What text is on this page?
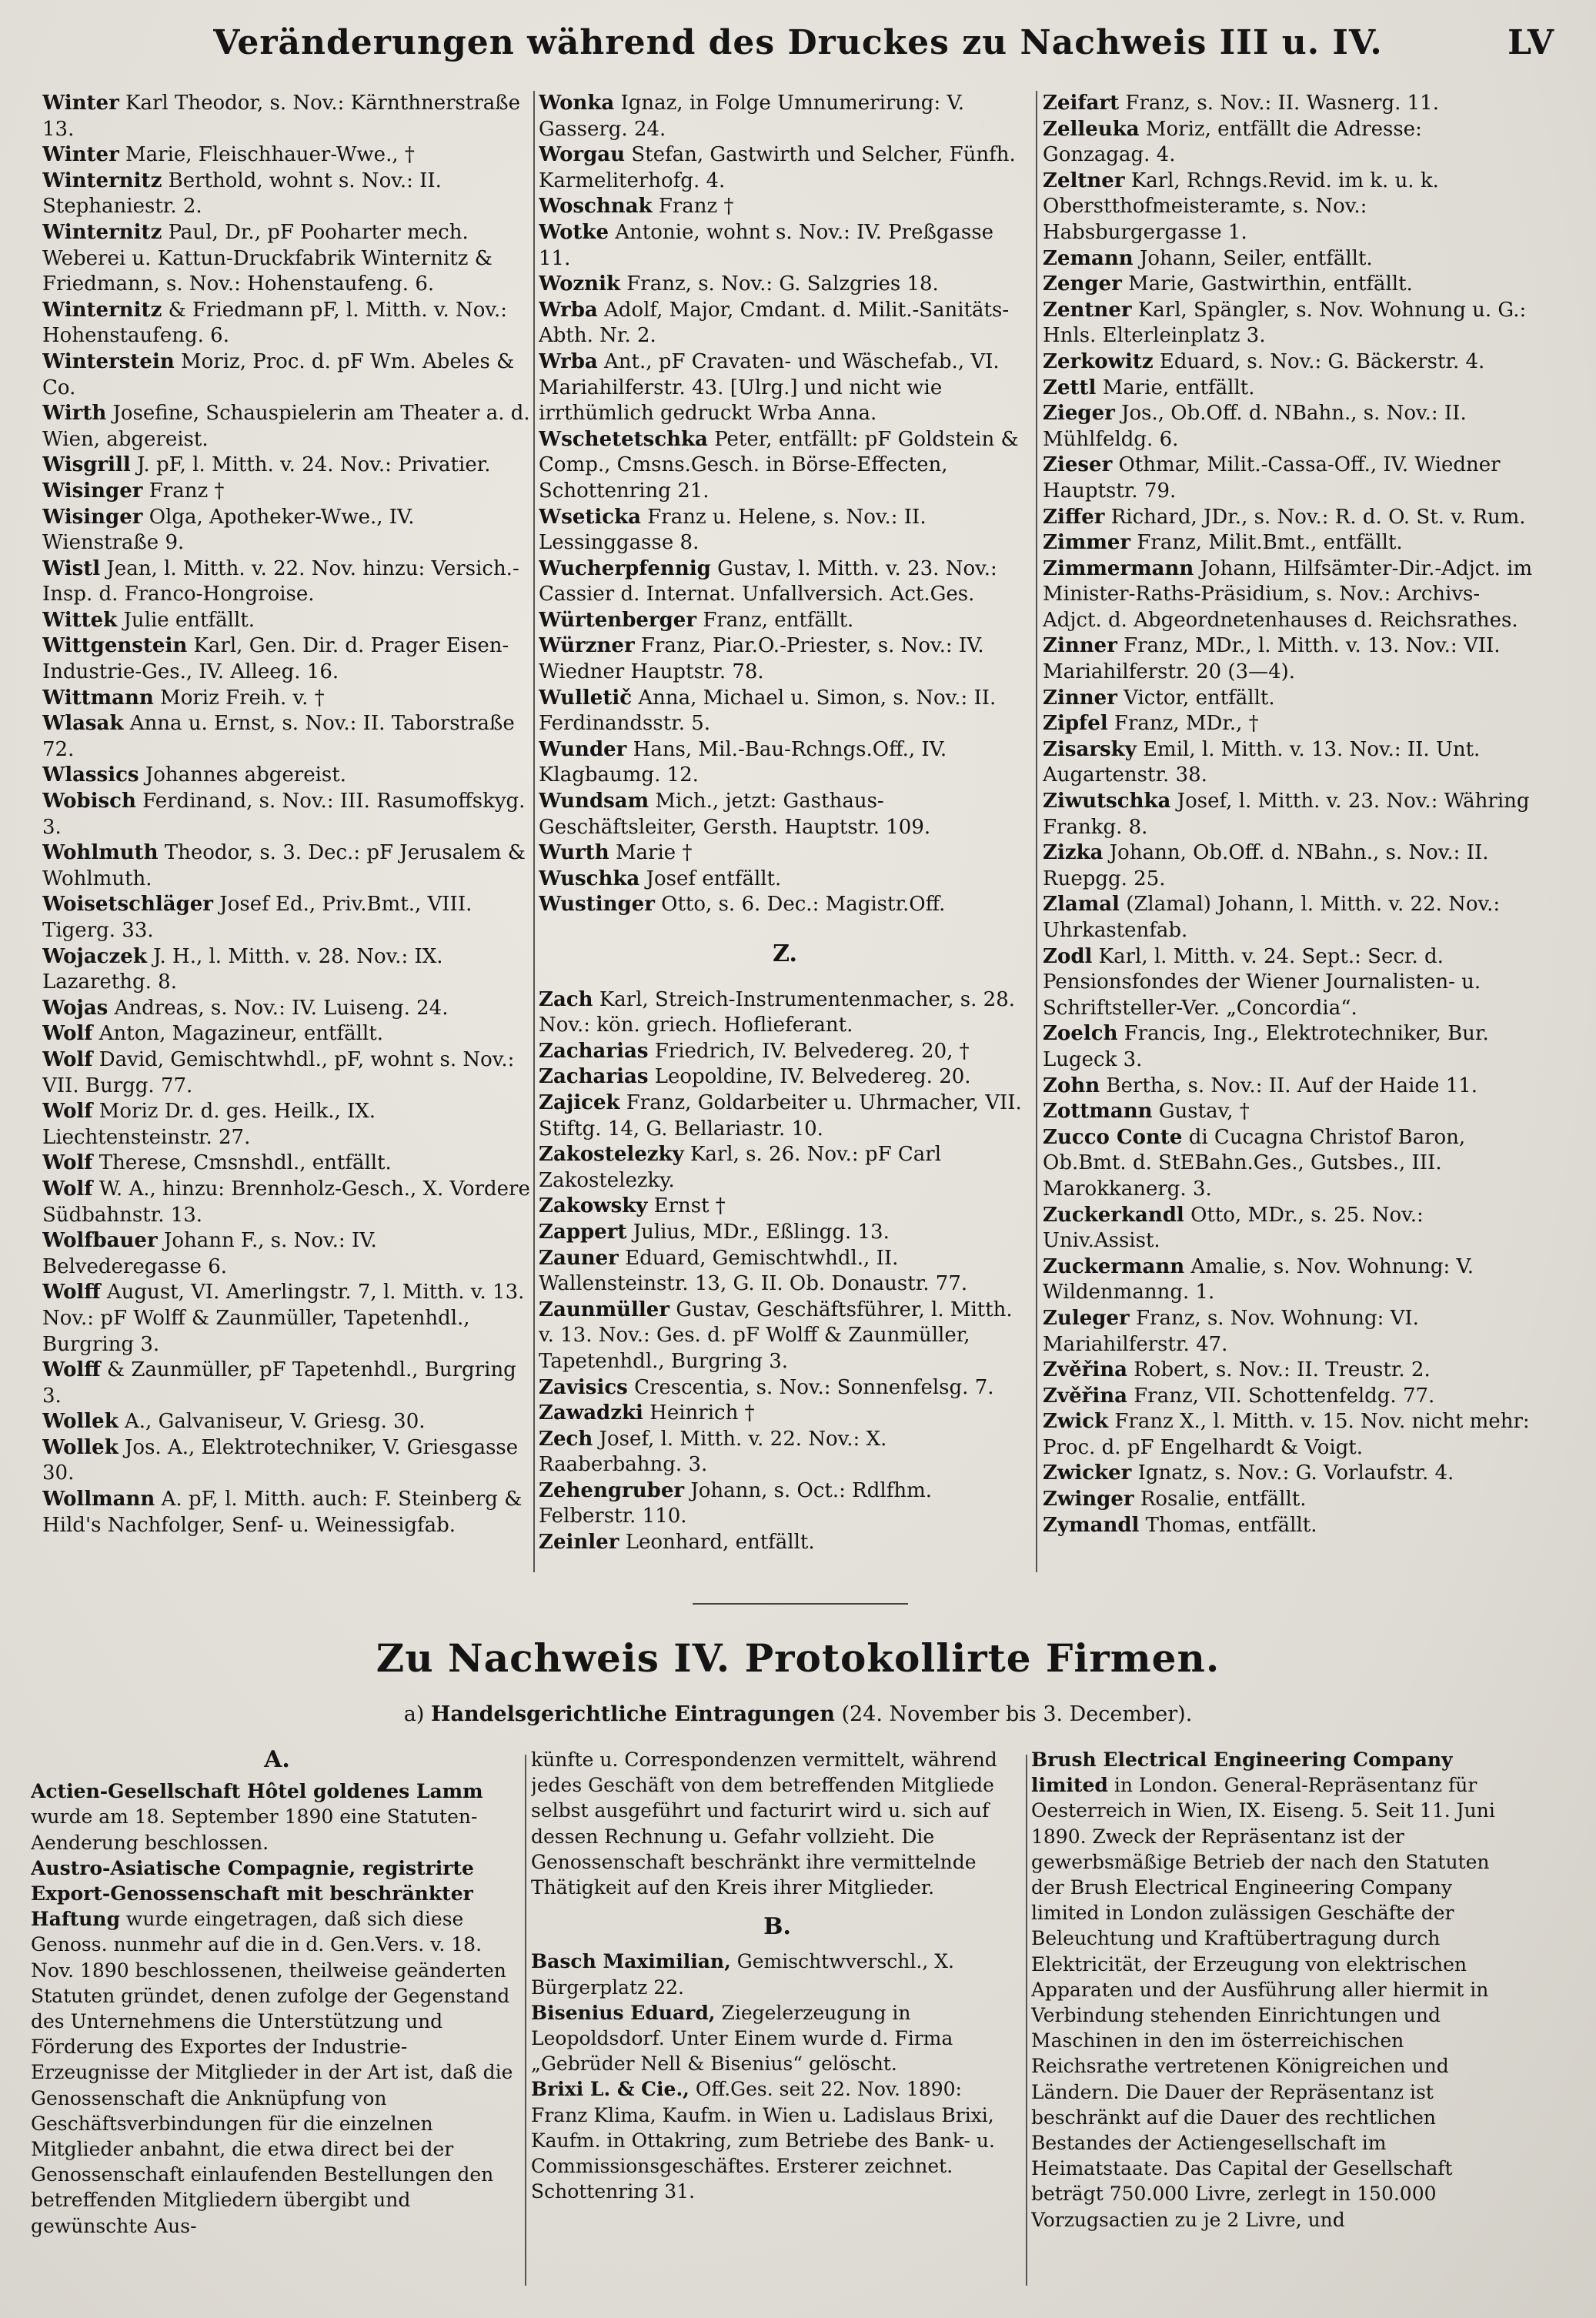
Veränderungen während des Druckes zu Nachweis III u. IV.	LV

Winter Karl Theodor, s. Nov.: Kärnthnerstraße 13.

Winter Marie, Fleischhauer-Wwe., †

Winternitz Berthold, wohnt s. Nov.: II. Stephaniestr. 2.

Winternitz Paul, Dr., pF Pooharter mech. Weberei u. Kattun-Druckfabrik Winternitz & Friedmann, s. Nov.: Hohenstaufeng. 6.

Winternitz & Friedmann pF, l. Mitth. v. Nov.: Hohenstaufeng. 6.

Winterstein Moriz, Proc. d. pF Wm. Abeles & Co.

Wirth Josefine, Schauspielerin am Theater a. d. Wien, abgereist.

Wisgrill J. pF, l. Mitth. v. 24. Nov.: Privatier.

Wisinger Franz †

Wisinger Olga, Apotheker-Wwe., IV. Wienstraße 9.

Wistl Jean, l. Mitth. v. 22. Nov. hinzu: Versich.-Insp. d. Franco-Hongroise.

Wittek Julie entfällt.

Wittgenstein Karl, Gen. Dir. d. Prager Eisen-Industrie-Ges., IV. Alleeg. 16.

Wittmann Moriz Freih. v. †

Wlasak Anna u. Ernst, s. Nov.: II. Taborstraße 72.

Wlassics Johannes abgereist.

Wobisch Ferdinand, s. Nov.: III. Rasumoffskyg. 3.

Wohlmuth Theodor, s. 3. Dec.: pF Jerusalem & Wohlmuth.

Woisetschläger Josef Ed., Priv.Bmt., VIII. Tigerg. 33.

Wojaczek J. H., l. Mitth. v. 28. Nov.: IX. Lazarethg. 8.

Wojas Andreas, s. Nov.: IV. Luiseng. 24.

Wolf Anton, Magazineur, entfällt.

Wolf David, Gemischtwhdl., pF, wohnt s. Nov.: VII. Burgg. 77.

Wolf Moriz Dr. d. ges. Heilk., IX. Liechtensteinstr. 27.

Wolf Therese, Cmsnshdl., entfällt.

Wolf W. A., hinzu: Brennholz-Gesch., X. Vordere Südbahnstr. 13.

Wolfbauer Johann F., s. Nov.: IV. Belvederegasse 6.

Wolff August, VI. Amerlingstr. 7, l. Mitth. v. 13. Nov.: pF Wolff & Zaunmüller, Tapetenhdl., Burgring 3.

Wolff & Zaunmüller, pF Tapetenhdl., Burgring 3.

Wollek A., Galvaniseur, V. Griesg. 30.

Wollek Jos. A., Elektrotechniker, V. Griesgasse 30.

Wollmann A. pF, l. Mitth. auch: F. Steinberg & Hild's Nachfolger, Senf- u. Weinessigfab.

Wonka Ignaz, in Folge Umnumerirung: V. Gasserg. 24.

Worgau Stefan, Gastwirth und Selcher, Fünfh. Karmeliterhofg. 4.

Woschnak Franz †

Wotke Antonie, wohnt s. Nov.: IV. Preßgasse 11.

Woznik Franz, s. Nov.: G. Salzgries 18.

Wrba Adolf, Major, Cmdant. d. Milit.-Sanitäts-Abth. Nr. 2.

Wrba Ant., pF Cravaten- und Wäschefab., VI. Mariahilferstr. 43. [Ulrg.] und nicht wie irrthümlich gedruckt Wrba Anna.

Wschetetschka Peter, entfällt: pF Goldstein & Comp., Cmsns.Gesch. in Börse-Effecten, Schottenring 21.

Wseticka Franz u. Helene, s. Nov.: II. Lessinggasse 8.

Wucherpfennig Gustav, l. Mitth. v. 23. Nov.: Cassier d. Internat. Unfallversich. Act.Ges.

Würtenberger Franz, entfällt.

Würzner Franz, Piar.O.-Priester, s. Nov.: IV. Wiedner Hauptstr. 78.

Wulletič Anna, Michael u. Simon, s. Nov.: II. Ferdinandsstr. 5.

Wunder Hans, Mil.-Bau-Rchngs.Off., IV. Klagbaumg. 12.

Wundsam Mich., jetzt: Gasthaus-Geschäftsleiter, Gersth. Hauptstr. 109.

Wurth Marie †

Wuschka Josef entfällt.

Wustinger Otto, s. 6. Dec.: Magistr.Off.

Z.

Zach Karl, Streich-Instrumentenmacher, s. 28. Nov.: kön. griech. Hoflieferant.

Zacharias Friedrich, IV. Belvedereg. 20, †

Zacharias Leopoldine, IV. Belvedereg. 20.

Zajicek Franz, Goldarbeiter u. Uhrmacher, VII. Stiftg. 14, G. Bellariastr. 10.

Zakostelezky Karl, s. 26. Nov.: pF Carl Zakostelezky.

Zakowsky Ernst †

Zappert Julius, MDr., Eßlingg. 13.

Zauner Eduard, Gemischtwhdl., II. Wallensteinstr. 13, G. II. Ob. Donaustr. 77.

Zaunmüller Gustav, Geschäftsführer, l. Mitth. v. 13. Nov.: Ges. d. pF Wolff & Zaunmüller, Tapetenhdl., Burgring 3.

Zavisics Crescentia, s. Nov.: Sonnenfelsg. 7.

Zawadzki Heinrich †

Zech Josef, l. Mitth. v. 22. Nov.: X. Raaberbahng. 3.

Zehengruber Johann, s. Oct.: Rdlfhm. Felberstr. 110.

Zeinler Leonhard, entfällt.

Zeifart Franz, s. Nov.: II. Wasnerg. 11.

Zelleuka Moriz, entfällt die Adresse: Gonzagag. 4.

Zeltner Karl, Rchngs.Revid. im k. u. k. Oberstthofmeisteramte, s. Nov.: Habsburgergasse 1.

Zemann Johann, Seiler, entfällt.

Zenger Marie, Gastwirthin, entfällt.

Zentner Karl, Spängler, s. Nov. Wohnung u. G.: Hnls. Elterleinplatz 3.

Zerkowitz Eduard, s. Nov.: G. Bäckerstr. 4.

Zettl Marie, entfällt.

Zieger Jos., Ob.Off. d. NBahn., s. Nov.: II. Mühlfeldg. 6.

Zieser Othmar, Milit.-Cassa-Off., IV. Wiedner Hauptstr. 79.

Ziffer Richard, JDr., s. Nov.: R. d. O. St. v. Rum.

Zimmer Franz, Milit.Bmt., entfällt.

Zimmermann Johann, Hilfsämter-Dir.-Adjct. im Minister-Raths-Präsidium, s. Nov.: Archivs-Adjct. d. Abgeordnetenhauses d. Reichsrathes.

Zinner Franz, MDr., l. Mitth. v. 13. Nov.: VII. Mariahilferstr. 20 (3—4).

Zinner Victor, entfällt.

Zipfel Franz, MDr., †

Zisarsky Emil, l. Mitth. v. 13. Nov.: II. Unt. Augartenstr. 38.

Ziwutschka Josef, l. Mitth. v. 23. Nov.: Währing Frankg. 8.

Zizka Johann, Ob.Off. d. NBahn., s. Nov.: II. Ruepgg. 25.

Zlamal (Zlamal) Johann, l. Mitth. v. 22. Nov.: Uhrkastenfab.

Zodl Karl, l. Mitth. v. 24. Sept.: Secr. d. Pensionsfondes der Wiener Journalisten- u. Schriftsteller-Ver. „Concordia“.

Zoelch Francis, Ing., Elektrotechniker, Bur. Lugeck 3.

Zohn Bertha, s. Nov.: II. Auf der Haide 11.

Zottmann Gustav, †

Zucco Conte di Cucagna Christof Baron, Ob.Bmt. d. StEBahn.Ges., Gutsbes., III. Marokkanerg. 3.

Zuckerkandl Otto, MDr., s. 25. Nov.: Univ.Assist.

Zuckermann Amalie, s. Nov. Wohnung: V. Wildenmanng. 1.

Zuleger Franz, s. Nov. Wohnung: VI. Mariahilferstr. 47.

Zvěřina Robert, s. Nov.: II. Treustr. 2.

Zvěřina Franz, VII. Schottenfeldg. 77.

Zwick Franz X., l. Mitth. v. 15. Nov. nicht mehr: Proc. d. pF Engelhardt & Voigt.

Zwicker Ignatz, s. Nov.: G. Vorlaufstr. 4.

Zwinger Rosalie, entfällt.

Zymandl Thomas, entfällt.

Zu Nachweis IV. Protokollirte Firmen.
a) Handelsgerichtliche Eintragungen (24. November bis 3. December).
A.

Actien-Gesellschaft Hôtel goldenes Lamm wurde am 18. September 1890 eine Statuten-Aenderung beschlossen.

Austro-Asiatische Compagnie, registrirte Export-Genossenschaft mit beschränkter Haftung wurde eingetragen, daß sich diese Genoss. nunmehr auf die in d. Gen.Vers. v. 18. Nov. 1890 beschlossenen, theilweise geänderten Statuten gründet, denen zufolge der Gegenstand des Unternehmens die Unterstützung und Förderung des Exportes der Industrie-Erzeugnisse der Mitglieder in der Art ist, daß die Genossenschaft die Anknüpfung von Geschäftsverbindungen für die einzelnen Mitglieder anbahnt, die etwa direct bei der Genossenschaft einlaufenden Bestellungen den betreffenden Mitgliedern übergibt und gewünschte Aus-

künfte u. Correspondenzen vermittelt, während jedes Geschäft von dem betreffenden Mitgliede selbst ausgeführt und facturirt wird u. sich auf dessen Rechnung u. Gefahr vollzieht. Die Genossenschaft beschränkt ihre vermittelnde Thätigkeit auf den Kreis ihrer Mitglieder.

B.

Basch Maximilian, Gemischtwverschl., X. Bürgerplatz 22.

Bisenius Eduard, Ziegelerzeugung in Leopoldsdorf. Unter Einem wurde d. Firma „Gebrüder Nell & Bisenius“ gelöscht.

Brixi L. & Cie., Off.Ges. seit 22. Nov. 1890: Franz Klima, Kaufm. in Wien u. Ladislaus Brixi, Kaufm. in Ottakring, zum Betriebe des Bank- u. Commissionsgeschäftes. Ersterer zeichnet. Schottenring 31.

Brush Electrical Engineering Company limited in London. General-Repräsentanz für Oesterreich in Wien, IX. Eiseng. 5. Seit 11. Juni 1890. Zweck der Repräsentanz ist der gewerbsmäßige Betrieb der nach den Statuten der Brush Electrical Engineering Company limited in London zulässigen Geschäfte der Beleuchtung und Kraftübertragung durch Elektricität, der Erzeugung von elektrischen Apparaten und der Ausführung aller hiermit in Verbindung stehenden Einrichtungen und Maschinen in den im österreichischen Reichsrathe vertretenen Königreichen und Ländern. Die Dauer der Repräsentanz ist beschränkt auf die Dauer des rechtlichen Bestandes der Actiengesellschaft im Heimatstaate. Das Capital der Gesellschaft beträgt 750.000 Livre, zerlegt in 150.000 Vorzugsactien zu je 2 Livre, und
